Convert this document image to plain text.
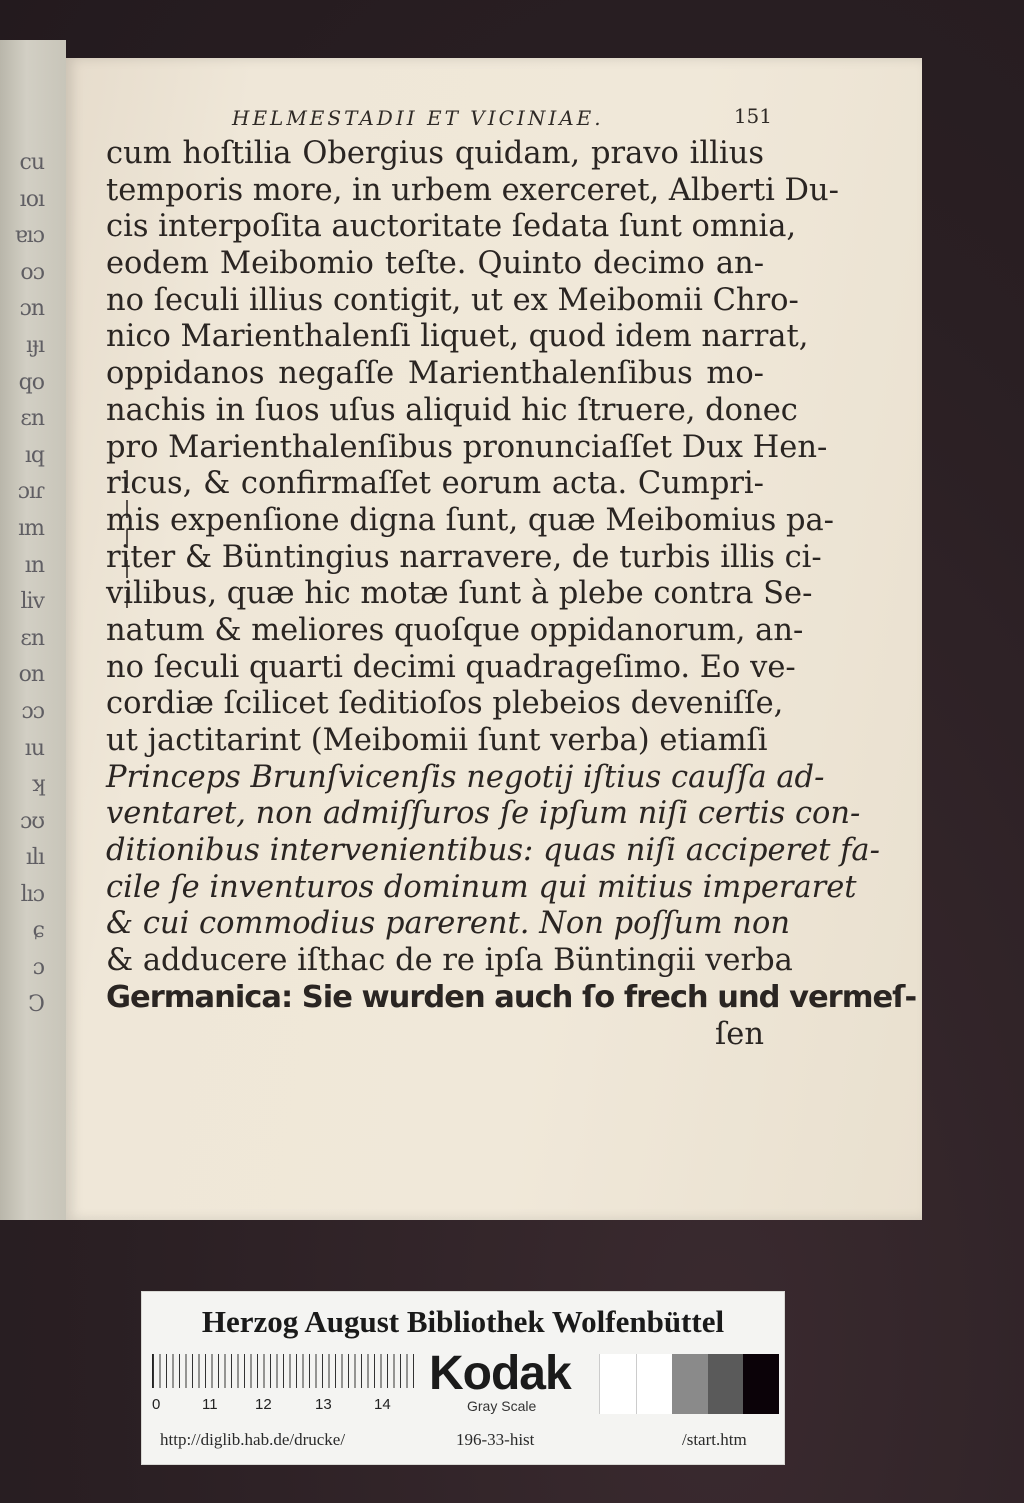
cu
ıoı
ɐıɔ
oɔ
ɔn
ıɟı
qo
ɛn
ıq
ɔıɾ
ım
ın
liv
ɛn
on
ɔɔ
ıu
ʞ
ɔʊ
ılı
lıɔ
ɕ
ɔ
Ↄ
HELMESTADII ET VICINIAE.	151
cum hoſtilia Obergius quidam, pravo illius
temporis more, in urbem exerceret, Alberti Du-
cis interpoſita auctoritate ſedata ſunt omnia,
eodem Meibomio teſte. Quinto decimo an-
no ſeculi illius contigit, ut ex Meibomii Chro-
nico Marienthalenſi liquet, quod idem narrat,
oppidanos negaſſe Marienthalenſibus mo-
nachis in ſuos uſus aliquid hic ſtruere, donec
pro Marienthalenſibus pronunciaſſet Dux Hen-
ricus, & confirmaſſet eorum acta. Cumpri-
mis expenſione digna ſunt, quæ Meibomius pa-
riter & Büntingius narravere, de turbis illis ci-
vilibus, quæ hic motæ ſunt à plebe contra Se-
natum & meliores quoſque oppidanorum, an-
no ſeculi quarti decimi quadrageſimo. Eo ve-
cordiæ ſcilicet ſeditioſos plebeios deveniſſe,
ut jactitarint (Meibomii ſunt verba) etiamſi
Princeps Brunſvicenſis negotij iſtius cauſſa ad-
ventaret, non admiſſuros ſe ipſum niſi certis con-
ditionibus intervenientibus: quas niſi acciperet fa-
cile ſe inventuros dominum qui mitius imperaret
& cui commodius parerent. Non poſſum non
& adducere iſthac de re ipſa Büntingii verba
Germanica: Sie wurden auch ſo frech und vermeſ-
ſen
Herzog August Bibliothek Wolfenbüttel
0	11 12	13	14
Kodak
Gray Scale
http://diglib.hab.de/drucke/	196-33-hist	/start.htm
